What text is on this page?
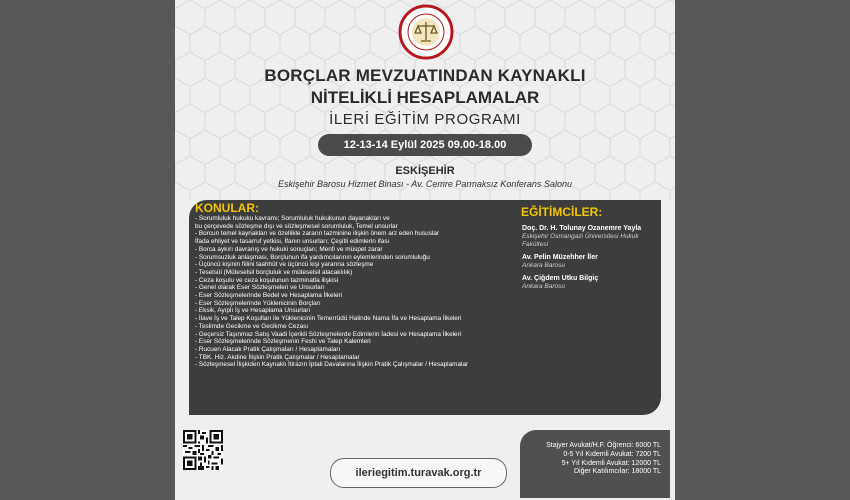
BORÇLAR MEVZUATINDAN KAYNAKLI
NİTELİKLİ HESAPLAMALAR
İLERİ EĞİTİM PROGRAMI
12-13-14 Eylül 2025 09.00-18.00
ESKİŞEHİR
Eskişehir Barosu Hizmet Binası - Av. Cemre Parmaksız Konferans Salonu
KONULAR:
- Sorumluluk hukuku kavramı; Sorumluluk hukukunun dayanakları ve
bu çerçevede sözleşme dışı ve sözleşmesel sorumluluk, Temel unsurlar
- Borcun temel kaynakları ve özellikle zararın tazminine ilişkin önem arz eden hususlar
İfada ehliyet ve tasarruf yetkisi, İfanın unsurları; Çeşitli edimlerin ifası
- Borca aykırı davranış ve hukuki sonuçları; Menfi ve müspet zarar
- Sorumsuzluk anlaşması, Borçlunun ifa yardımcılarının eylemlerinden sorumluluğu
- Üçüncü kişinin fiilini taahhüt ve üçüncü kişi yararına sözleşme
- Teselsül (Müteselsil borçluluk ve müteselsil alacaklılık)
- Ceza koşulu ve ceza koşulunun tazminatla ilişkisi
- Genel olarak Eser Sözleşmeleri ve Unsurları
- Eser Sözleşmelerinde Bedel ve Hesaplama İlkeleri
- Eser Sözleşmelerinde Yüklenicinin Borçları
- Eksik, Ayıplı İş ve Hesaplama Unsurları
- İlave İş ve Talep Koşulları ile Yüklenicinin Temerrüdü Halinde Nama İfa ve Hesaplama İlkeleri
- Teslimde Gecikme ve Gecikme Cezası
- Geçersiz Taşınmaz Satış Vaadi İçerikli Sözleşmelerde Edimlerin İadesi ve Hesaplama İlkeleri
- Eser Sözleşmelerinde Sözleşmenin Feshi ve Talep Kalemleri
- Rucuen Alacak Pratik Çalışmaları / Hesaplamaları
- TBK. Hiz. Akdine İlişkin Pratik Çalışmalar / Hesaplamalar
- Sözleşmesel İlişkiden Kaynaklı İtirazın İptali Davalarına İlişkin Pratik Çalışmalar / Hesaplamalar
EĞİTİMCİLER:
Doç. Dr. H. Tolunay Ozanemre Yayla
Eskişehir Osmangazi Üniversitesi Hukuk Fakültesi
Av. Pelin Müzehher İler
Ankara Barosu
Av. Çiğdem Utku Bilgiç
Ankara Barosu
ileriegitim.turavak.org.tr
Stajyer Avukat/H.F. Öğrenci: 6000 TL
0-5 Yıl Kıdemli Avukat: 7200 TL
5+ Yıl Kıdemli Avukat: 12000 TL
Diğer Katılımcılar: 18000 TL
